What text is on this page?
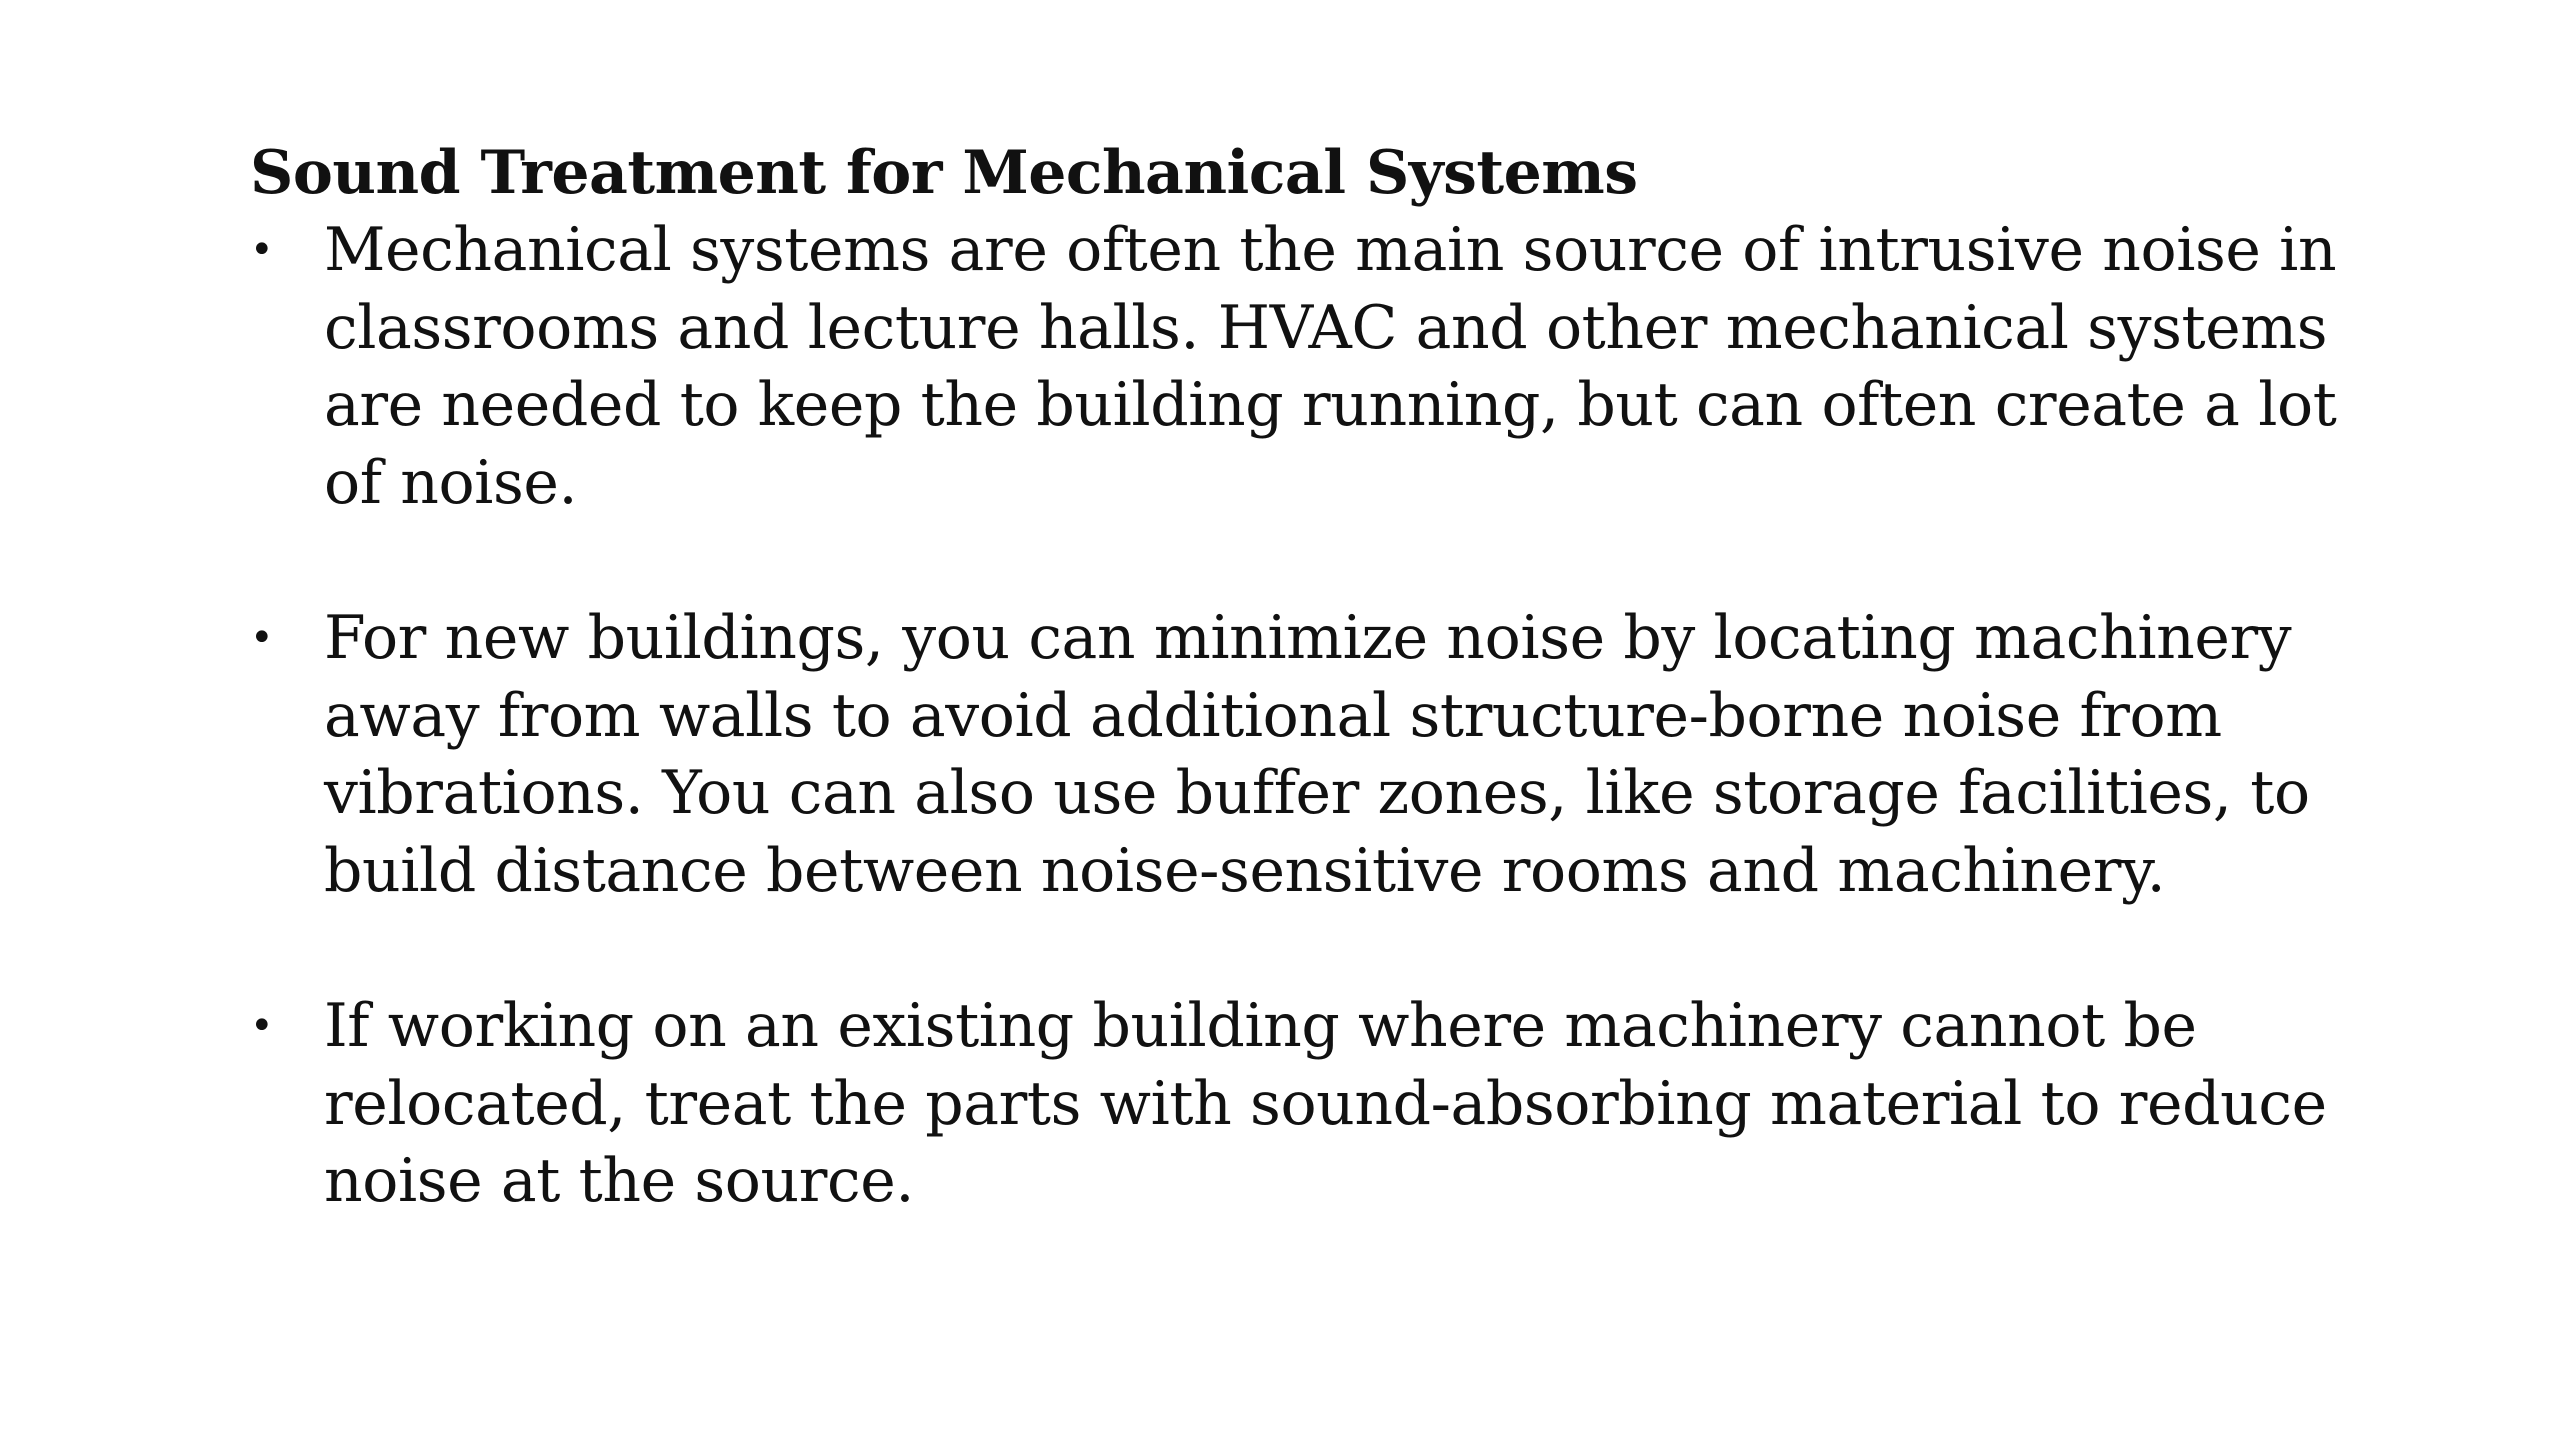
Sound Treatment for Mechanical Systems
• Mechanical systems are often the main source of intrusive noise in classrooms and lecture halls. HVAC and other mechanical systems are needed to keep the building running, but can often create a lot of noise.
• For new buildings, you can minimize noise by locating machinery away from walls to avoid additional structure-borne noise from vibrations. You can also use buffer zones, like storage facilities, to build distance between noise-sensitive rooms and machinery.
• If working on an existing building where machinery cannot be relocated, treat the parts with sound-absorbing material to reduce noise at the source.
